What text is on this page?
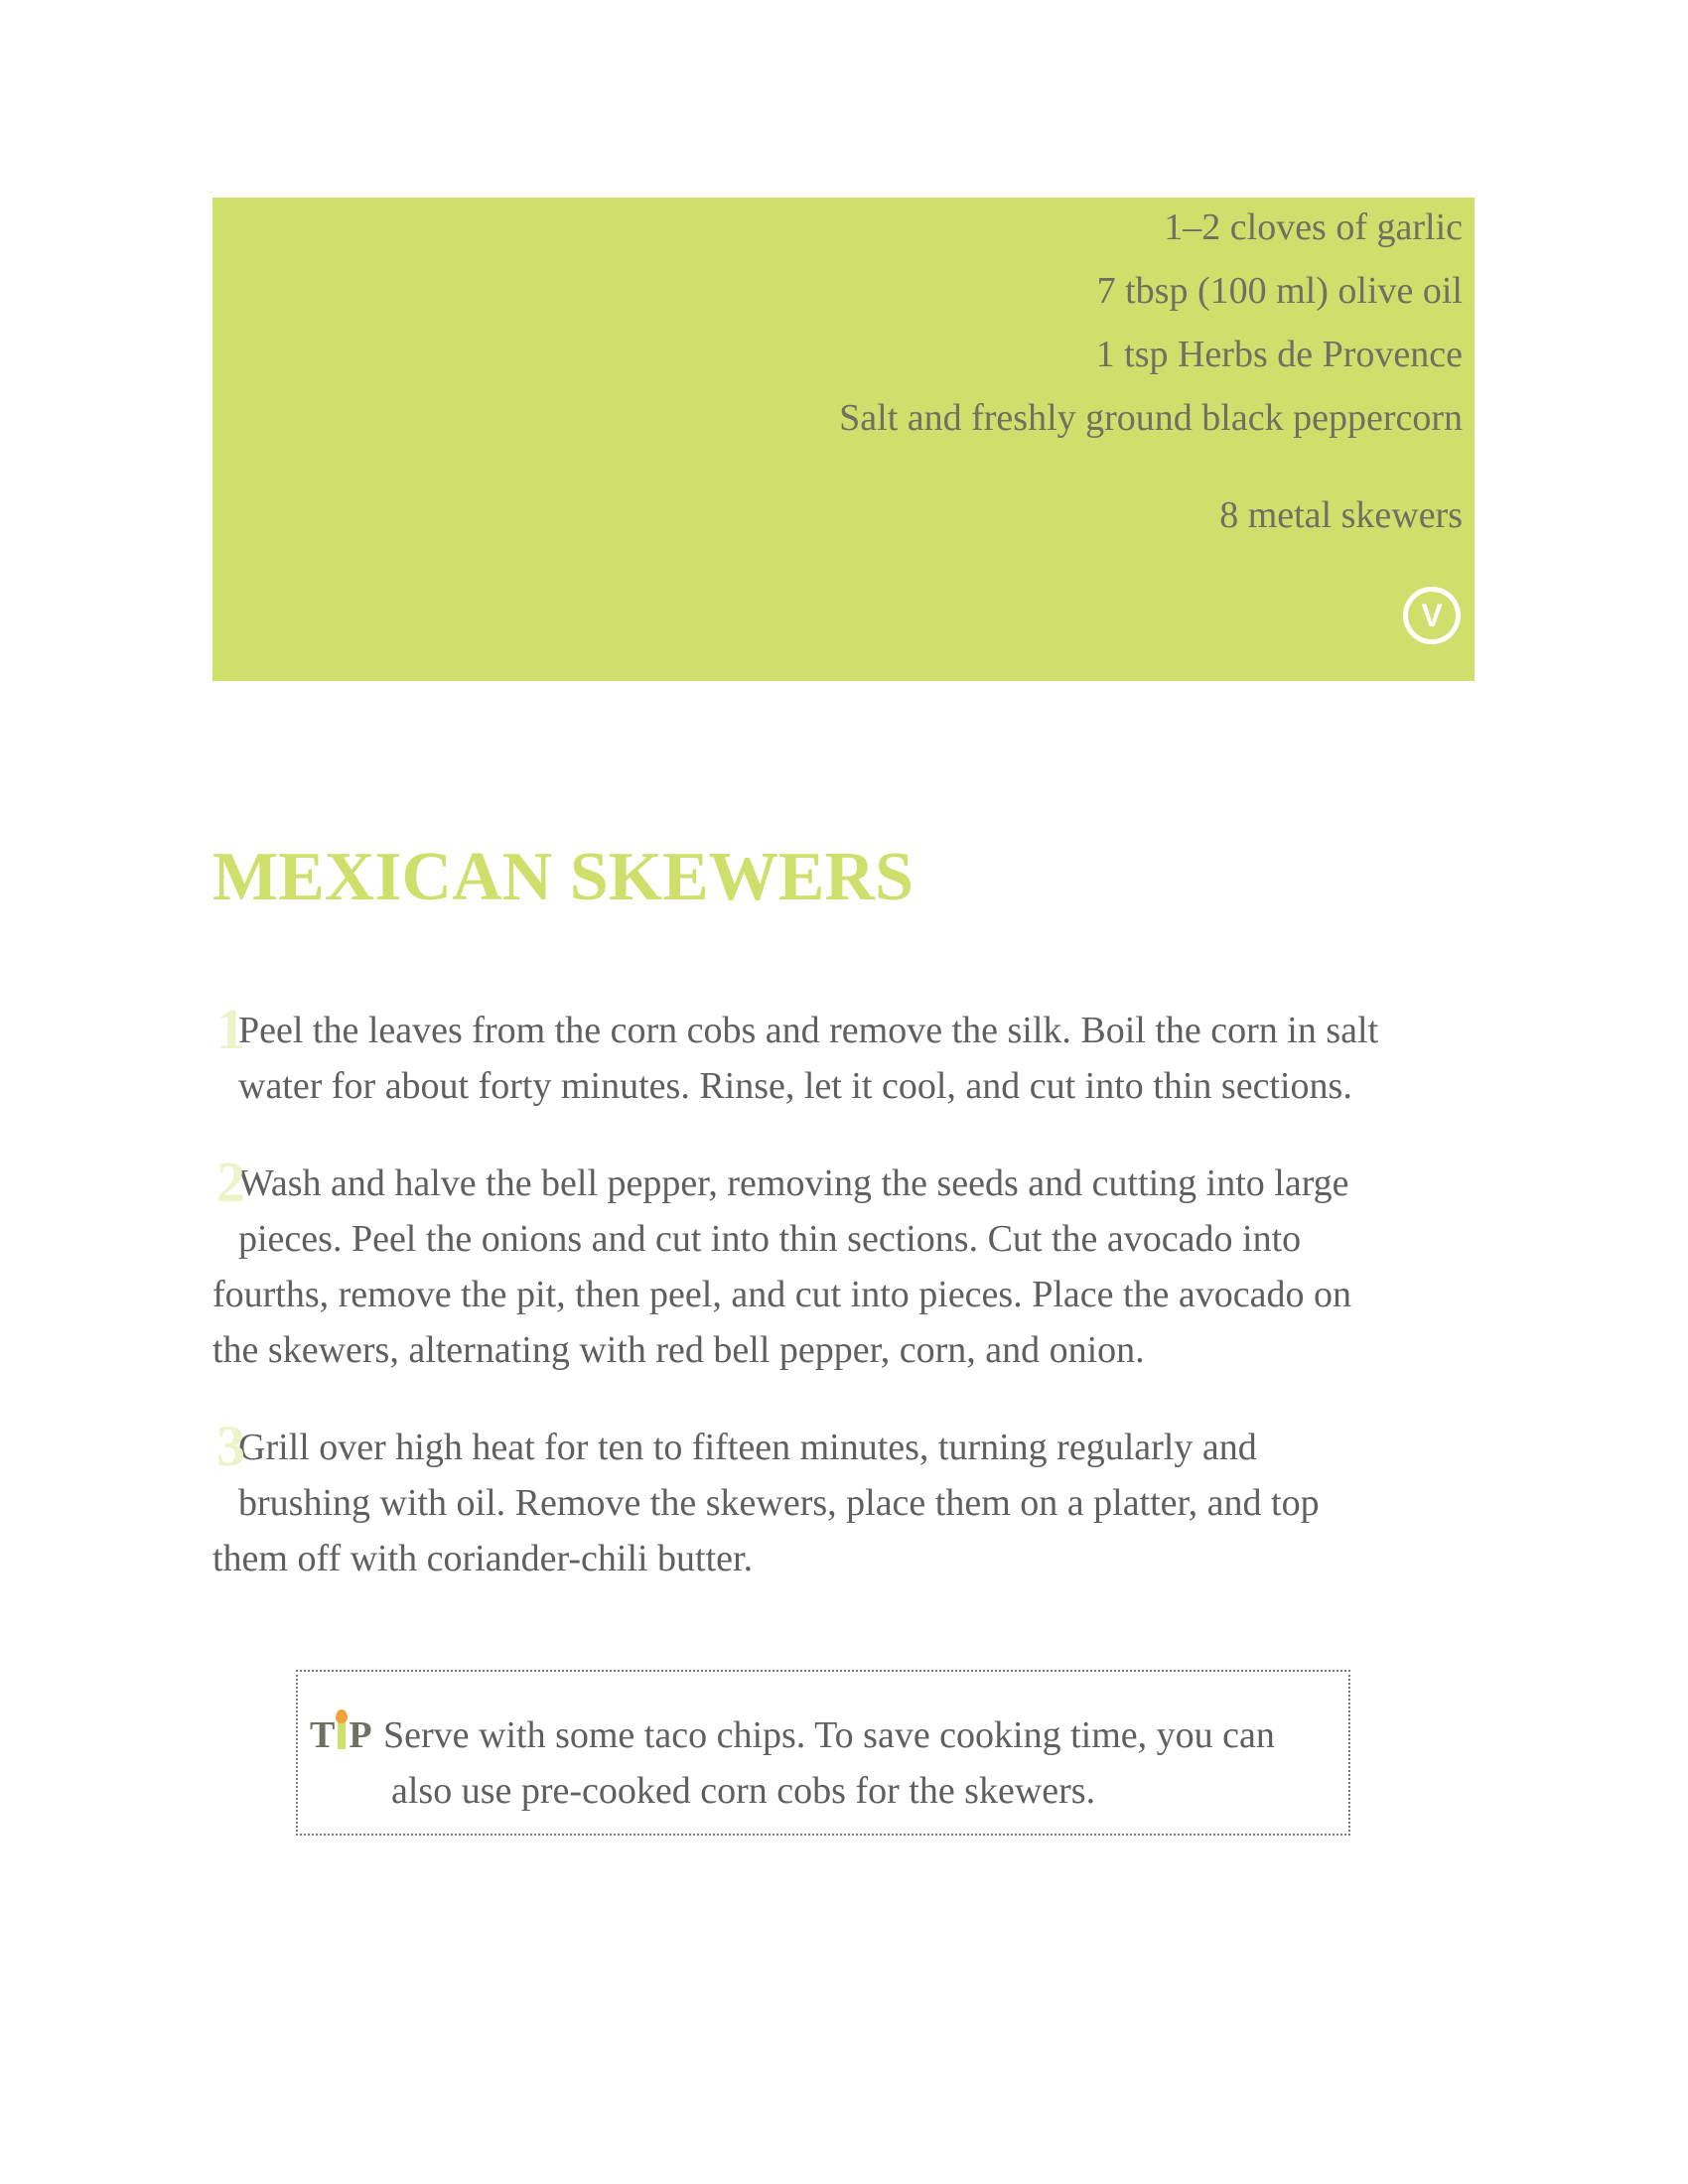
1–2 cloves of garlic
7 tbsp (100 ml) olive oil
1 tsp Herbs de Provence
Salt and freshly ground black peppercorn
8 metal skewers
V
MEXICAN SKEWERS
1
Peel the leaves from the corn cobs and remove the silk. Boil the corn in salt
water for about forty minutes. Rinse, let it cool, and cut into thin sections.
2
Wash and halve the bell pepper, removing the seeds and cutting into large
pieces. Peel the onions and cut into thin sections. Cut the avocado into
fourths, remove the pit, then peel, and cut into pieces. Place the avocado on
the skewers, alternating with red bell pepper, corn, and onion.
3
Grill over high heat for ten to fifteen minutes, turning regularly and
brushing with oil. Remove the skewers, place them on a platter, and top
them off with coriander-chili butter.
T P Serve with some taco chips. To save cooking time, you can
also use pre-cooked corn cobs for the skewers.
